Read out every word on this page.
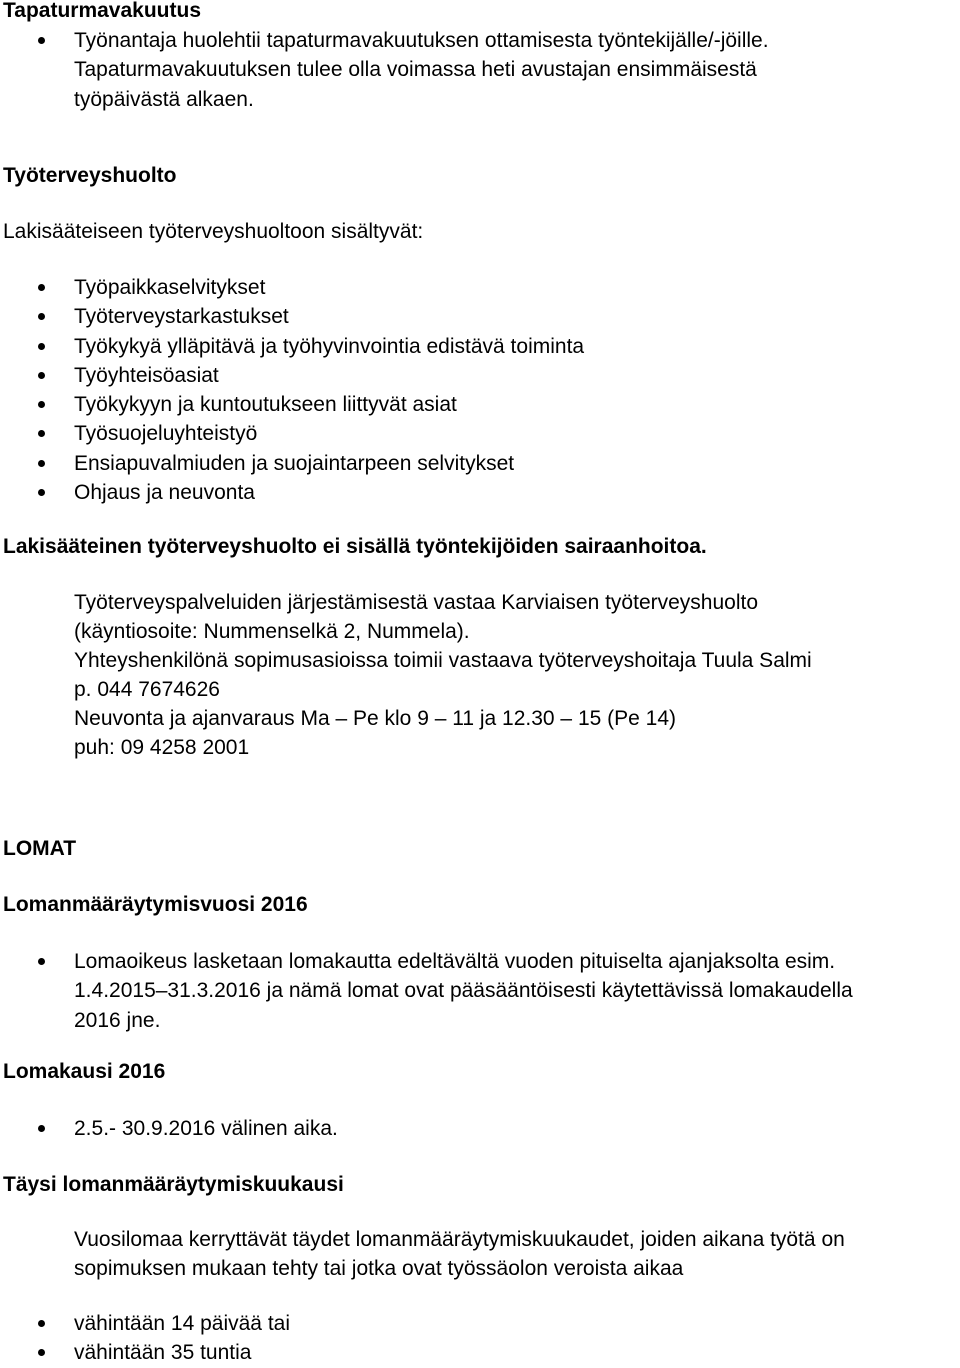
Tapaturmavakuutus
Työnantaja huolehtii tapaturmavakuutuksen ottamisesta työntekijälle/-jöille.
Tapaturmavakuutuksen tulee olla voimassa heti avustajan ensimmäisestä
työpäivästä alkaen.
Työterveyshuolto

Lakisääteiseen työterveyshuoltoon sisältyvät:

Työpaikkaselvitykset
Työterveystarkastukset
Työkykyä ylläpitävä ja työhyvinvointia edistävä toiminta
Työyhteisöasiat
Työkykyyn ja kuntoutukseen liittyvät asiat
Työsuojeluyhteistyö
Ensiapuvalmiuden ja suojaintarpeen selvitykset
Ohjaus ja neuvonta

Lakisääteinen työterveyshuolto ei sisällä työntekijöiden sairaanhoitoa.

Työterveyspalveluiden järjestämisestä vastaa Karviaisen työterveyshuolto
(käyntiosoite: Nummenselkä 2, Nummela).
Yhteyshenkilönä sopimusasioissa toimii vastaava työterveyshoitaja Tuula Salmi
p. 044 7674626
Neuvonta ja ajanvaraus Ma – Pe klo 9 – 11 ja 12.30 – 15 (Pe 14)
puh: 09 4258 2001
LOMAT
Lomanmääräytymisvuosi 2016
Lomaoikeus lasketaan lomakautta edeltävältä vuoden pituiselta ajanjaksolta esim.
1.4.2015–31.3.2016 ja nämä lomat ovat pääsääntöisesti käytettävissä lomakaudella
2016 jne.
Lomakausi 2016
2.5.- 30.9.2016 välinen aika.
Täysi lomanmääräytymiskuukausi
Vuosilomaa kerryttävät täydet lomanmääräytymiskuukaudet, joiden aikana työtä on
sopimuksen mukaan tehty tai jotka ovat työssäolon veroista aikaa
vähintään 14 päivää tai
vähintään 35 tuntia
